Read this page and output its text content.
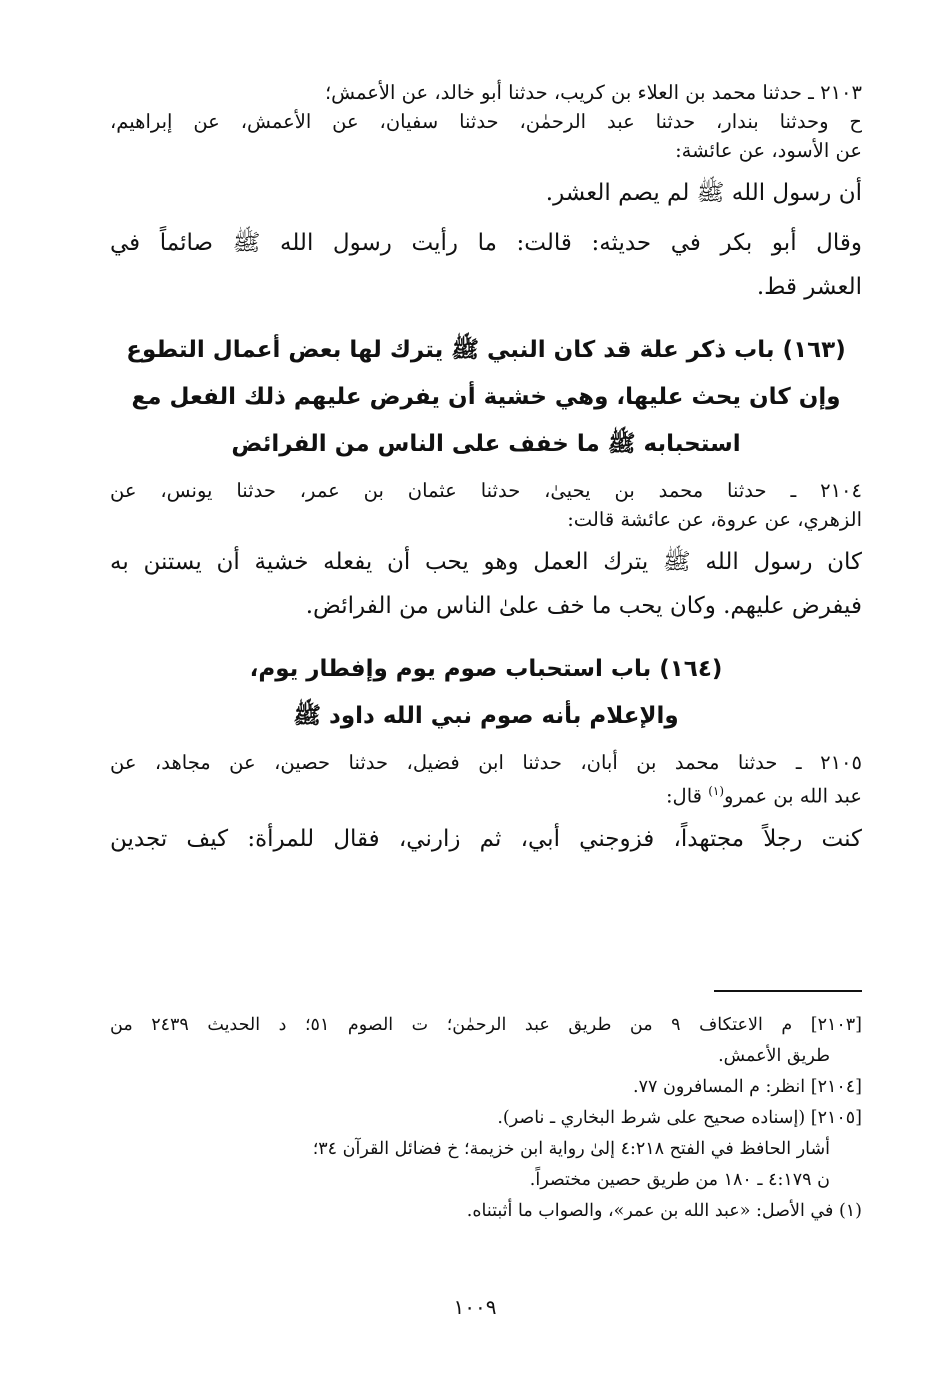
٢١٠٣ ـ حدثنا محمد بن العلاء بن كريب، حدثنا أبو خالد، عن الأعمش؛
ح وحدثنا بندار، حدثنا عبد الرحمٰن، حدثنا سفيان، عن الأعمش، عن إبراهيم،
عن الأسود، عن عائشة:
أن رسول الله ﷺ لم يصم العشر.
وقال أبو بكر في حديثه: قالت: ما رأيت رسول الله ﷺ صائماً في
العشر قط.
(١٦٣) باب ذكر علة قد كان النبي ﷺ يترك لها بعض أعمال التطوع
وإن كان يحث عليها، وهي خشية أن يفرض عليهم ذلك الفعل مع
استحبابه ﷺ ما خفف على الناس من الفرائض
٢١٠٤ ـ حدثنا محمد بن يحيىٰ، حدثنا عثمان بن عمر، حدثنا يونس، عن
الزهري، عن عروة، عن عائشة قالت:
كان رسول الله ﷺ يترك العمل وهو يحب أن يفعله خشية أن يستنن به
فيفرض عليهم. وكان يحب ما خف علىٰ الناس من الفرائض.
(١٦٤) باب استحباب صوم يوم وإفطار يوم،
والإعلام بأنه صوم نبي الله داود ﷺ
٢١٠٥ ـ حدثنا محمد بن أبان، حدثنا ابن فضيل، حدثنا حصين، عن مجاهد، عن
عبد الله بن عمرو$^{(١)}$ قال:
كنت رجلاً مجتهداً، فزوجني أبي، ثم زارني، فقال للمرأة: كيف تجدين
[٢١٠٣] م الاعتكاف ٩ من طريق عبد الرحمٰن؛ ت الصوم ٥١؛ د الحديث ٢٤٣٩ من
طريق الأعمش.
[٢١٠٤] انظر: م المسافرون ٧٧.
[٢١٠٥] (إسناده صحيح على شرط البخاري ـ ناصر).
أشار الحافظ في الفتح ٤:٢١٨ إلىٰ رواية ابن خزيمة؛ خ فضائل القرآن ٣٤؛
ن ٤:١٧٩ ـ ١٨٠ من طريق حصين مختصراً.
(١) في الأصل: «عبد الله بن عمر»، والصواب ما أثبتناه.
١٠٠٩
